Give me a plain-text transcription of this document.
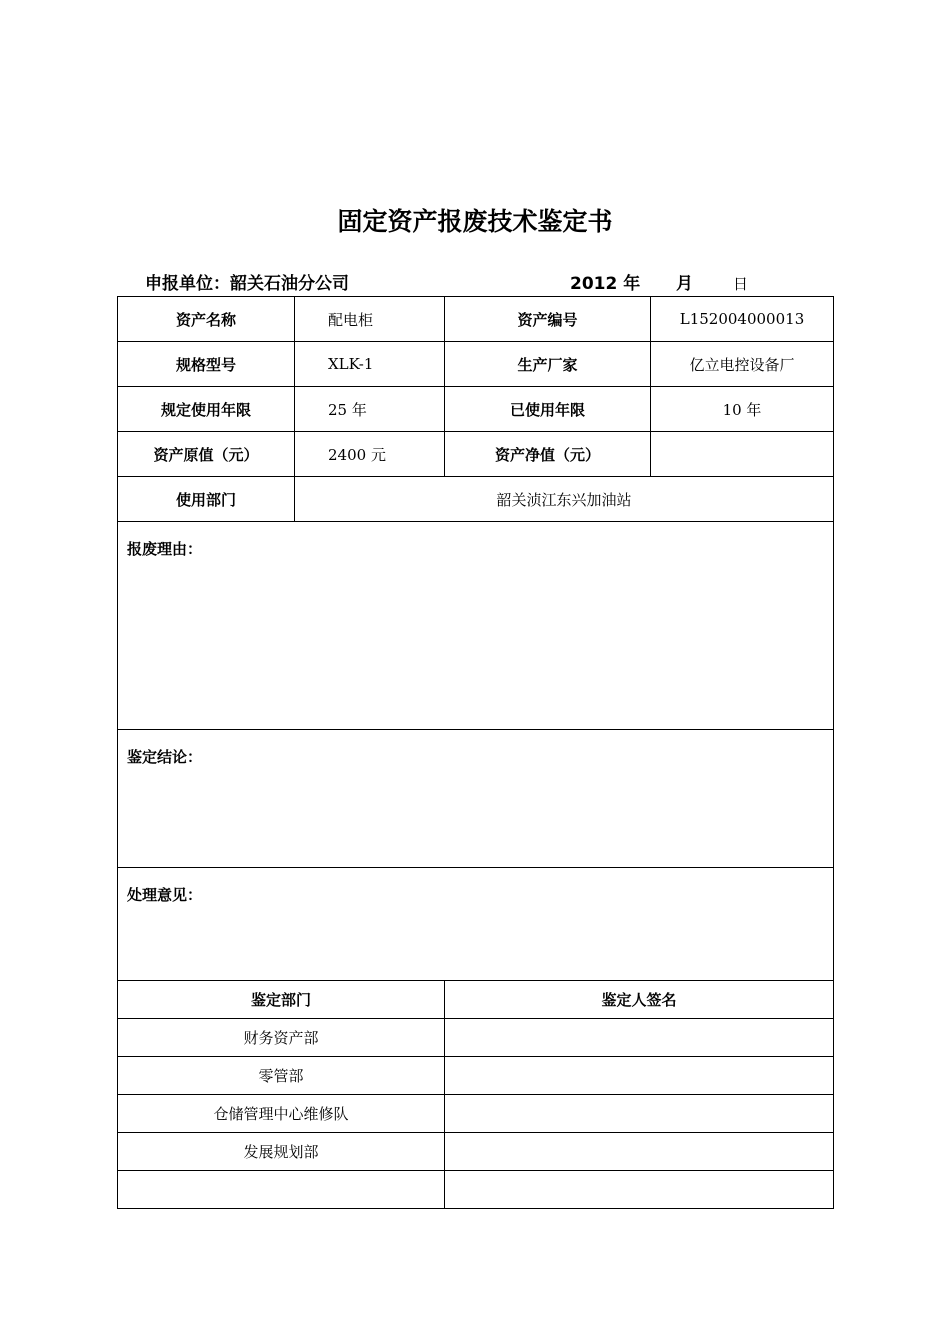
固定资产报废技术鉴定书
申报单位：韶关石油分公司	2012 年 月	日
资产名称	配电柜	资产编号	L152004000013
规格型号	XLK-1	生产厂家	亿立电控设备厂
规定使用年限	25 年	已使用年限	10 年
资产原值（元）	2400 元	资产净值（元）	
使用部门	韶关浈江东兴加油站		
报废理由：			
鉴定结论：			
处理意见：			
鉴定部门		鉴定人签名	
财务资产部			
零管部			
仓储管理中心维修队			
发展规划部			
